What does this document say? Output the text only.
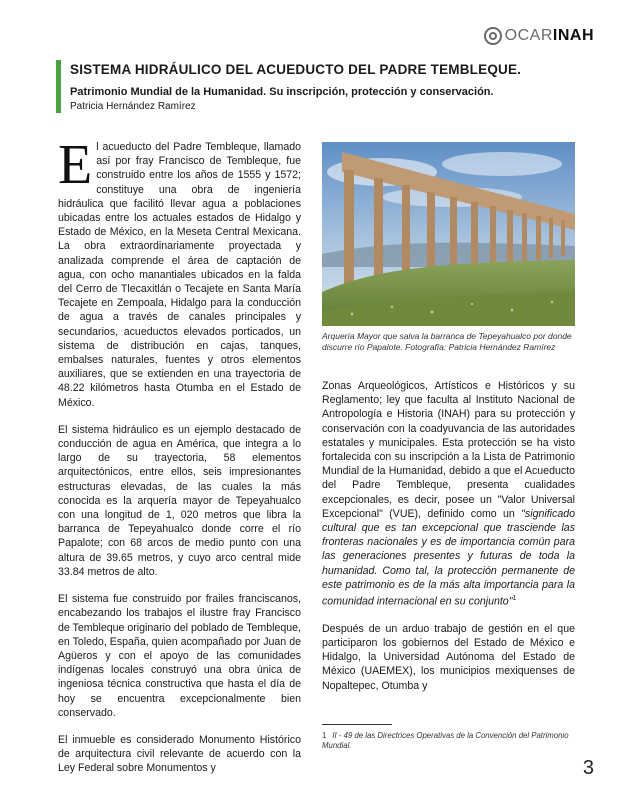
OCARINAH
SISTEMA HIDRÁULICO DEL ACUEDUCTO DEL PADRE TEMBLEQUE.
Patrimonio Mundial de la Humanidad. Su inscripción, protección y conservación.
Patricia Hernández Ramírez

El acueducto del Padre Tembleque, llamado así por fray Francisco de Tembleque, fue construido entre los años de 1555 y 1572; constituye una obra de ingeniería hidráulica que facilitó llevar agua a poblaciones ubicadas entre los actuales estados de Hidalgo y Estado de México, en la Meseta Central Mexicana. La obra extraordinariamente proyectada y analizada comprende el área de captación de agua, con ocho manantiales ubicados en la falda del Cerro de Tlecaxitlán o Tecajete en Santa María Tecajete en Zempoala, Hidalgo para la conducción de agua a través de canales principales y secundarios, acueductos elevados porticados, un sistema de distribución en cajas, tanques, embalses naturales, fuentes y otros elementos auxiliares, que se extienden en una trayectoria de 48.22 kilómetros hasta Otumba en el Estado de México.

El sistema hidráulico es un ejemplo destacado de conducción de agua en América, que integra a lo largo de su trayectoria, 58 elementos arquitectónicos, entre ellos, seis impresionantes estructuras elevadas, de las cuales la más conocida es la arquería mayor de Tepeyahualco con una longitud de 1, 020 metros que libra la barranca de Tepeyahualco donde corre el río Papalote; con 68 arcos de medio punto con una altura de 39.65 metros, y cuyo arco central mide 33.84 metros de alto.

El sistema fue construido por frailes franciscanos, encabezando los trabajos el ilustre fray Francisco de Tembleque originario del poblado de Tembleque, en Toledo, España, quien acompañado por Juan de Agüeros y con el apoyo de las comunidades indígenas locales construyó una obra única de ingeniosa técnica constructiva que hasta el día de hoy se encuentra excepcionalmente bien conservado.

El inmueble es considerado Monumento Histórico de arquitectura civil relevante de acuerdo con la Ley Federal sobre Monumentos y

Arquería Mayor que salva la barranca de Tepeyahualco por donde discurre río Papalote. Fotografía: Patricia Hernández Ramírez

Zonas Arqueológicos, Artísticos e Históricos y su Reglamento; ley que faculta al Instituto Nacional de Antropología e Historia (INAH) para su protección y conservación con la coadyuvancia de las autoridades estatales y municipales. Esta protección se ha visto fortalecida con su inscripción a la Lista de Patrimonio Mundial de la Humanidad, debido a que el Acueducto del Padre Tembleque, presenta cualidades excepcionales, es decir, posee un "Valor Universal Excepcional" (VUE), definido como un "significado cultural que es tan excepcional que trasciende las fronteras nacionales y es de importancia común para las generaciones presentes y futuras de toda la humanidad. Como tal, la protección permanente de este patrimonio es de la más alta importancia para la comunidad internacional en su conjunto"$^1$

Después de un arduo trabajo de gestión en el que participaron los gobiernos del Estado de México e Hidalgo, la Universidad Autónoma del Estado de México (UAEMEX), los municipios mexiquenses de Nopaltepec, Otumba y

1 II - 49 de las Directrices Operativas de la Convención del Patrimonio Mundial.
3
